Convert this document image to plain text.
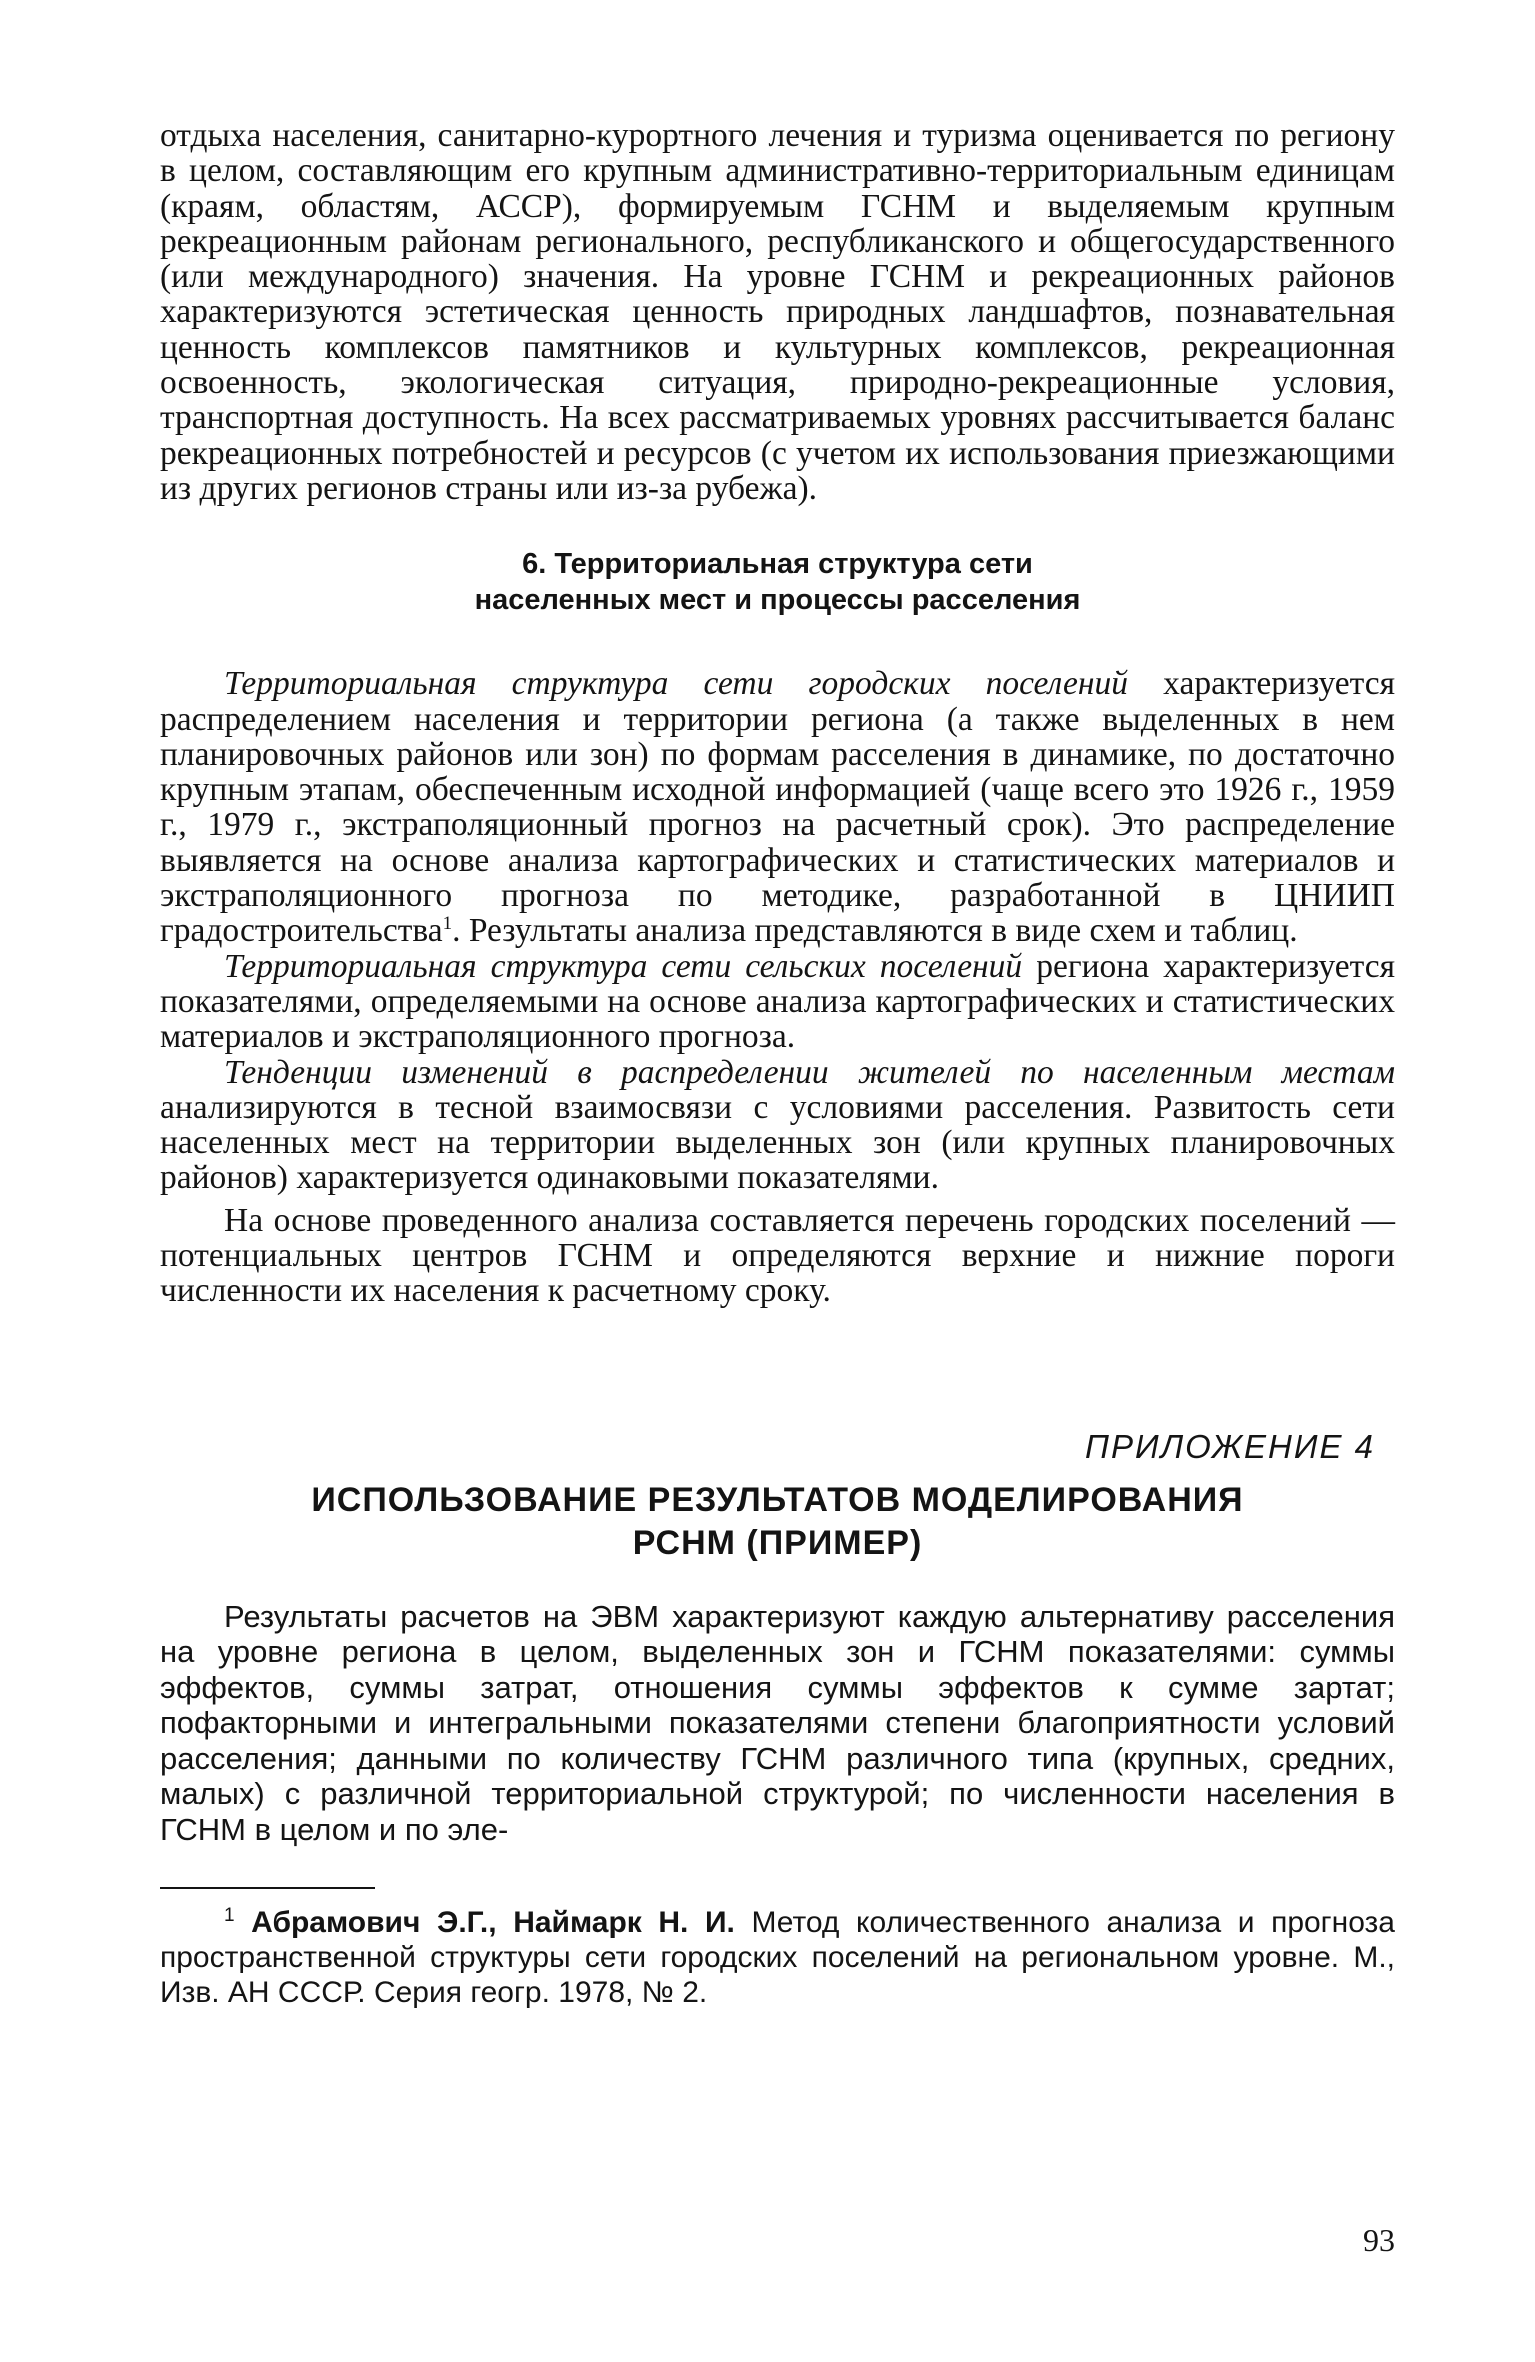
отдыха населения, санитарно-курортного лечения и туризма оценивается по региону в целом, составляющим его крупным административно-территориальным единицам (краям, областям, АССР), формируемым ГСНМ и выделяемым крупным рекреационным районам регионального, республиканского и общегосударственного (или международного) значения. На уровне ГСНМ и рекреационных районов характеризуются эстетическая ценность природных ландшафтов, познавательная ценность комплексов памятников и культурных комплексов, рекреационная освоенность, экологическая ситуация, природно-рекреационные условия, транспортная доступность. На всех рассматриваемых уровнях рассчитывается баланс рекреационных потребностей и ресурсов (с учетом их использования приезжающими из других регионов страны или из-за рубежа).

6. Территориальная структура сети
населенных мест и процессы расселения

Территориальная структура сети городских поселений характеризуется распределением населения и территории региона (а также выделенных в нем планировочных районов или зон) по формам расселения в динамике, по достаточно крупным этапам, обеспеченным исходной информацией (чаще всего это 1926 г., 1959 г., 1979 г., экстраполяционный прогноз на расчетный срок). Это распределение выявляется на основе анализа картографических и статистических материалов и экстраполяционного прогноза по методике, разработанной в ЦНИИП градостроительства$^1$. Результаты анализа представляются в виде схем и таблиц.

Территориальная структура сети сельских поселений региона характеризуется показателями, определяемыми на основе анализа картографических и статистических материалов и экстраполяционного прогноза.

Тенденции изменений в распределении жителей по населенным местам анализируются в тесной взаимосвязи с условиями расселения. Развитость сети населенных мест на территории выделенных зон (или крупных планировочных районов) характеризуется одинаковыми показателями.

На основе проведенного анализа составляется перечень городских поселений — потенциальных центров ГСНМ и определяются верхние и нижние пороги численности их населения к расчетному сроку.

ПРИЛОЖЕНИЕ 4
ИСПОЛЬЗОВАНИЕ РЕЗУЛЬТАТОВ МОДЕЛИРОВАНИЯ
РСНМ (ПРИМЕР)

Результаты расчетов на ЭВМ характеризуют каждую альтернативу расселения на уровне региона в целом, выделенных зон и ГСНМ показателями: суммы эффектов, суммы затрат, отношения суммы эффектов к сумме зартат; пофакторными и интегральными показателями степени благоприятности условий расселения; данными по количеству ГСНМ различного типа (крупных, средних, малых) с различной территориальной структурой; по численности населения в ГСНМ в целом и по эле-

$^1$ Абрамович Э.Г., Наймарк Н. И. Метод количественного анализа и прогноза пространственной структуры сети городских поселений на региональном уровне. М., Изв. АН СССР. Серия геогр. 1978, № 2.

93
